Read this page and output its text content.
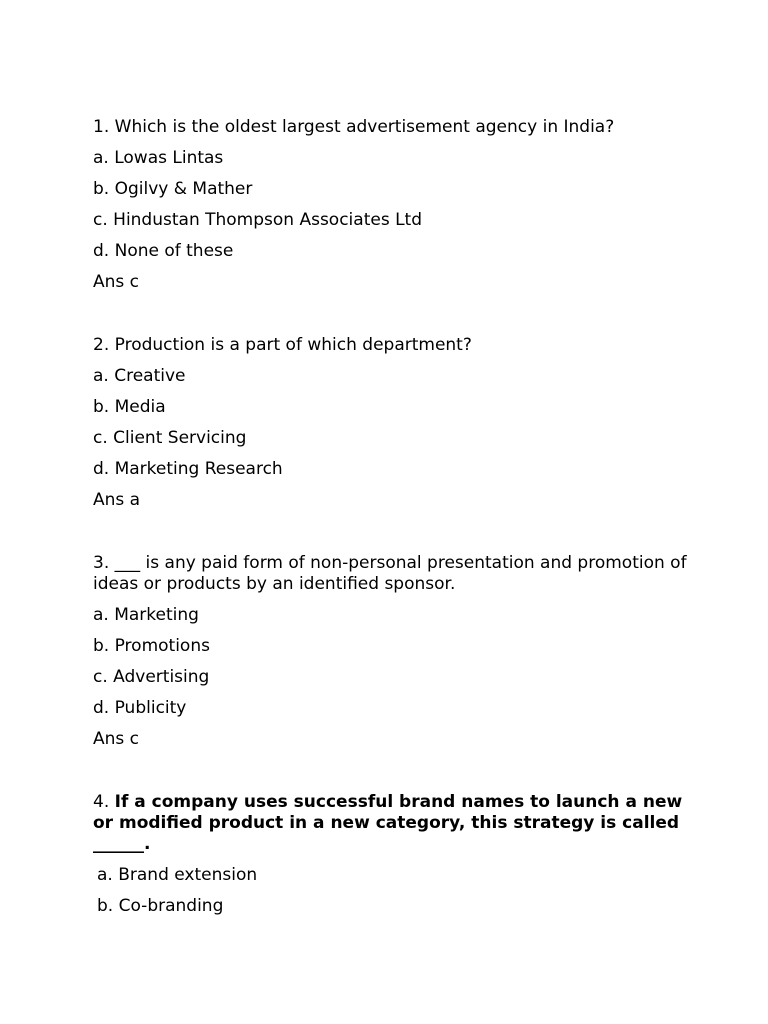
1. Which is the oldest largest advertisement agency in India?

a. Lowas Lintas

b. Ogilvy & Mather

c. Hindustan Thompson Associates Ltd

d. None of these

Ans c

2. Production is a part of which department?

a. Creative

b. Media

c. Client Servicing

d. Marketing Research

Ans a

3. ___ is any paid form of non-personal presentation and promotion of ideas or products by an identified sponsor.

a. Marketing

b. Promotions

c. Advertising

d. Publicity

Ans c

4. If a company uses successful brand names to launch a new or modified product in a new category, this strategy is called ______.

a. Brand extension

b. Co-branding
